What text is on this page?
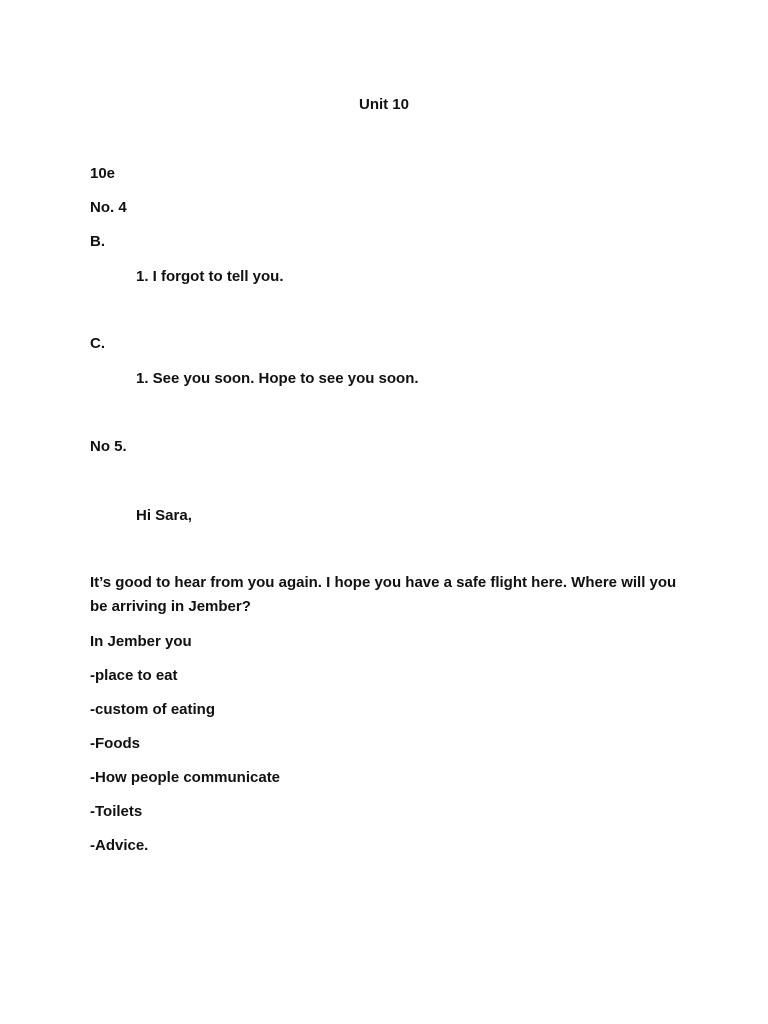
Unit 10
10e
No. 4
B.
1. I forgot to tell you.
C.
1. See you soon. Hope to see you soon.
No 5.
Hi Sara,
It’s good to hear from you again. I hope you have a safe flight here. Where will you be arriving in Jember?
In Jember you
-place to eat
-custom of eating
-Foods
-How people communicate
-Toilets
-Advice.
